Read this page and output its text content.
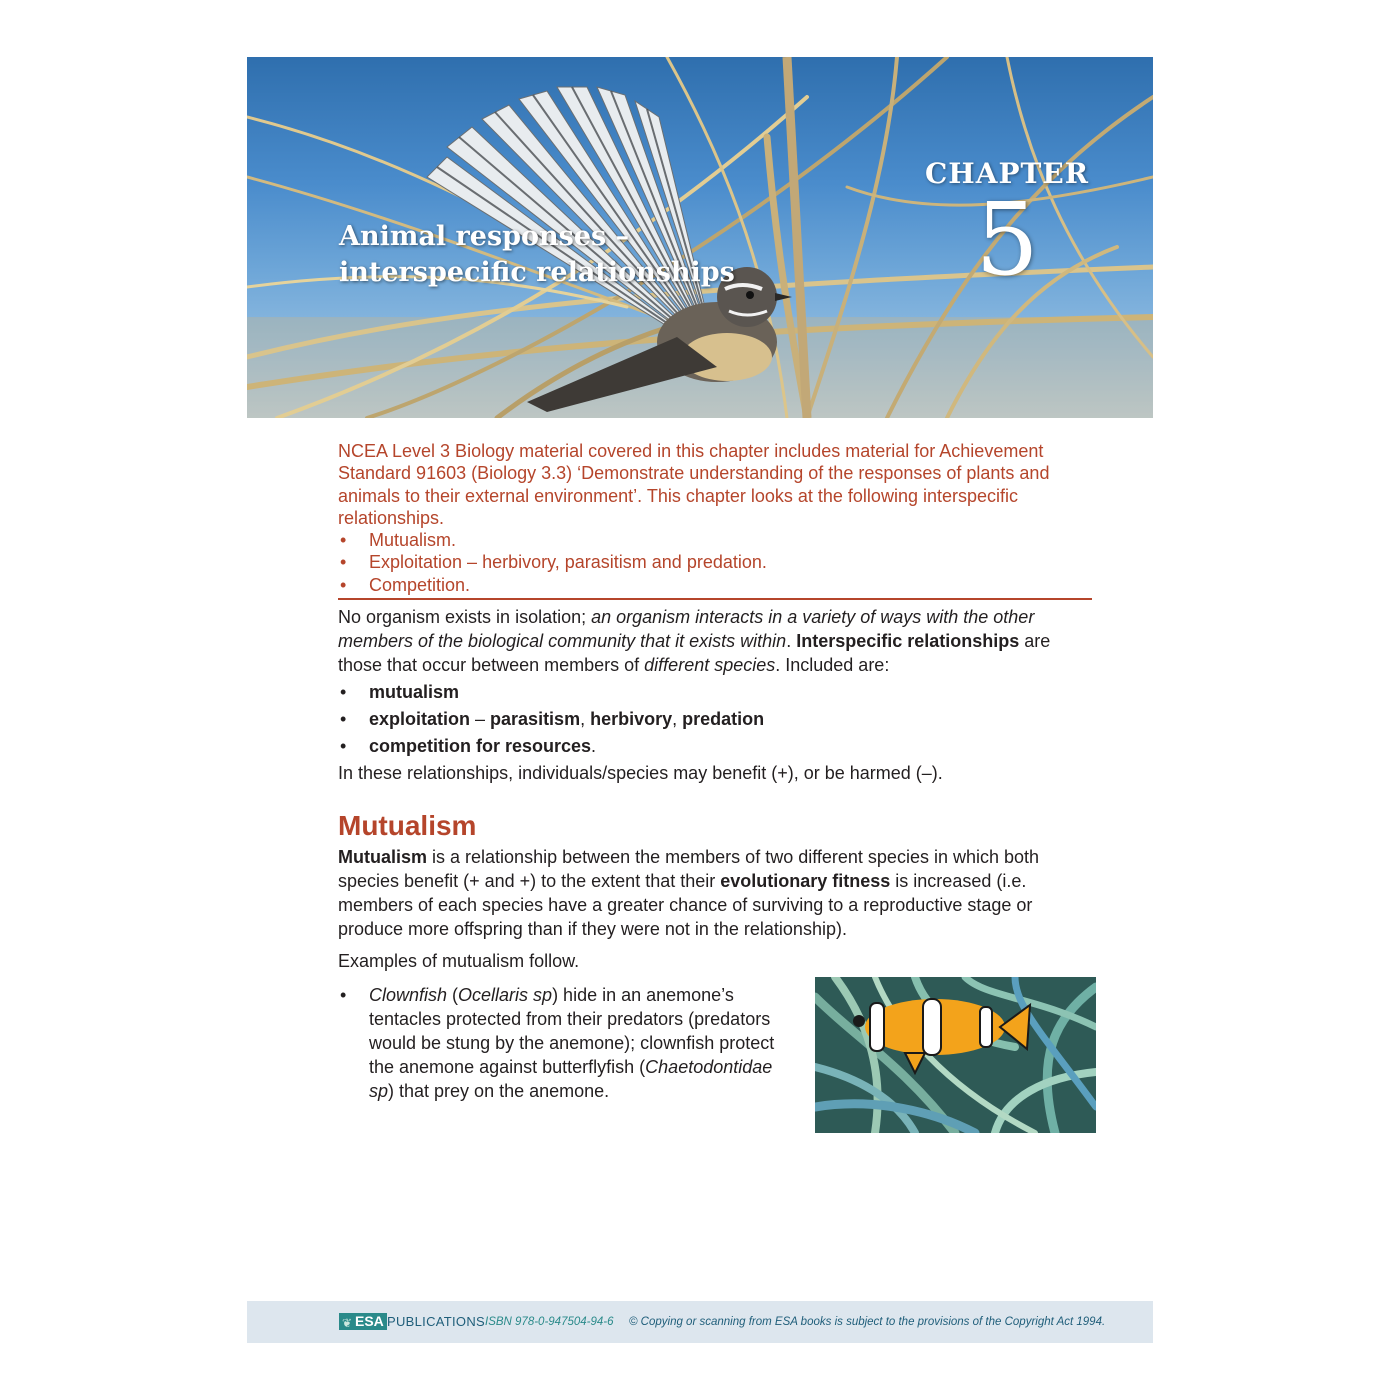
Animal responses –
interspecific relationships
CHAPTER
5

NCEA Level 3 Biology material covered in this chapter includes material for Achievement Standard 91603 (Biology 3.3) ‘Demonstrate understanding of the responses of plants and animals to their external environment’. This chapter looks at the following interspecific relationships.

• Mutualism.
• Exploitation – herbivory, parasitism and predation.
• Competition.

No organism exists in isolation; an organism interacts in a variety of ways with the other members of the biological community that it exists within. Interspecific relationships are those that occur between members of different species. Included are:

• mutualism
• exploitation – parasitism, herbivory, predation
• competition for resources.
In these relationships, individuals/species may benefit (+), or be harmed (–).
Mutualism

Mutualism is a relationship between the members of two different species in which both species benefit (+ and +) to the extent that their evolutionary fitness is increased (i.e. members of each species have a greater chance of surviving to a reproductive stage or produce more offspring than if they were not in the relationship).

Examples of mutualism follow.
• Clownfish (Ocellaris sp) hide in an anemone’s tentacles protected from their predators (predators would be stung by the anemone); clownfish protect the anemone against butterflyfish (Chaetodontidae sp) that prey on the anemone.

❦ ESA PUBLICATIONS ISBN 978-0-947504-94-6 © Copying or scanning from ESA books is subject to the provisions of the Copyright Act 1994.
